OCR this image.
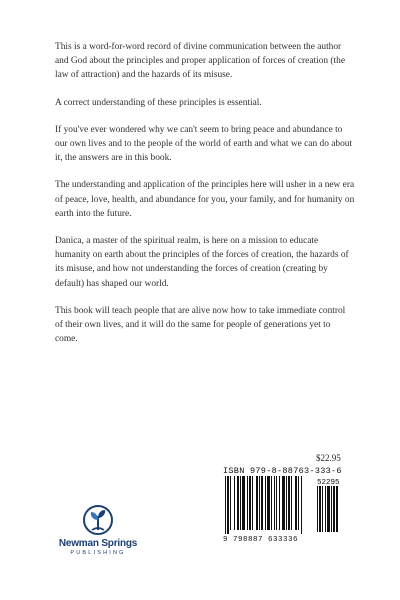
This is a word-for-word record of divine communication between the author and God about the principles and proper application of forces of creation (the law of attraction) and the hazards of its misuse.

A correct understanding of these principles is essential.

If you've ever wondered why we can't seem to bring peace and abundance to our own lives and to the people of the world of earth and what we can do about it, the answers are in this book.

The understanding and application of the principles here will usher in a new era of peace, love, health, and abundance for you, your family, and for humanity on earth into the future.

Danica, a master of the spiritual realm, is here on a mission to educate humanity on earth about the principles of the forces of creation, the hazards of its misuse, and how not understanding the forces of creation (creating by default) has shaped our world.

This book will teach people that are alive now how to take immediate control of their own lives, and it will do the same for people of generations yet to come.

$22.95
ISBN 979-8-88763-333-6
52295
9 798887 633336
Newman Springs
PUBLISHING
